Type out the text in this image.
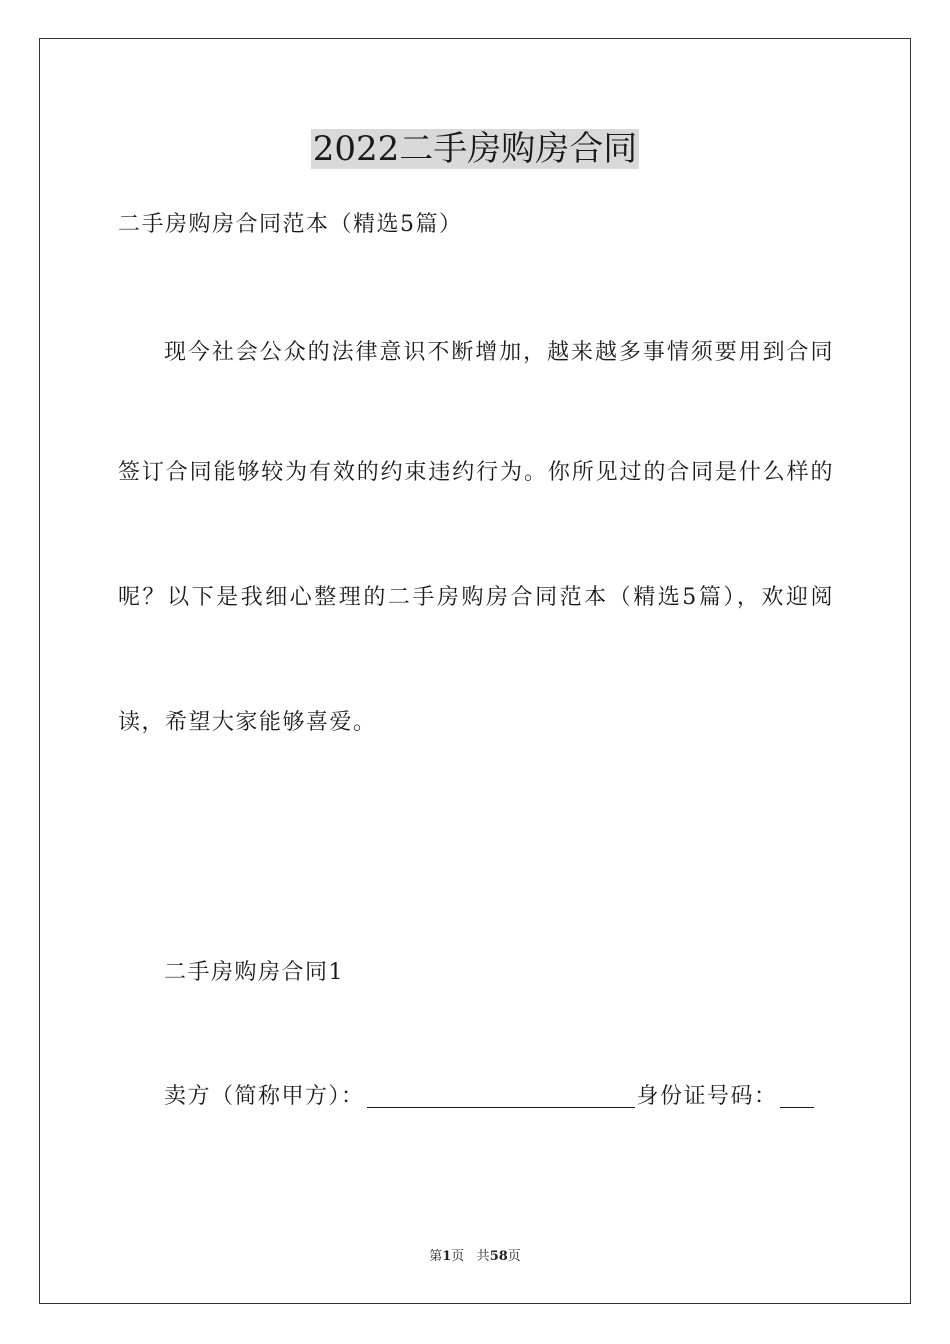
2022二手房购房合同

二手房购房合同范本（精选5篇）

现今社会公众的法律意识不断增加，越来越多事情须要用到合同

签订合同能够较为有效的约束违约行为。你所见过的合同是什么样的

呢？以下是我细心整理的二手房购房合同范本（精选5篇），欢迎阅

读，希望大家能够喜爱。

二手房购房合同1

卖方（简称甲方）：	身份证号码：
第1页 共58页
